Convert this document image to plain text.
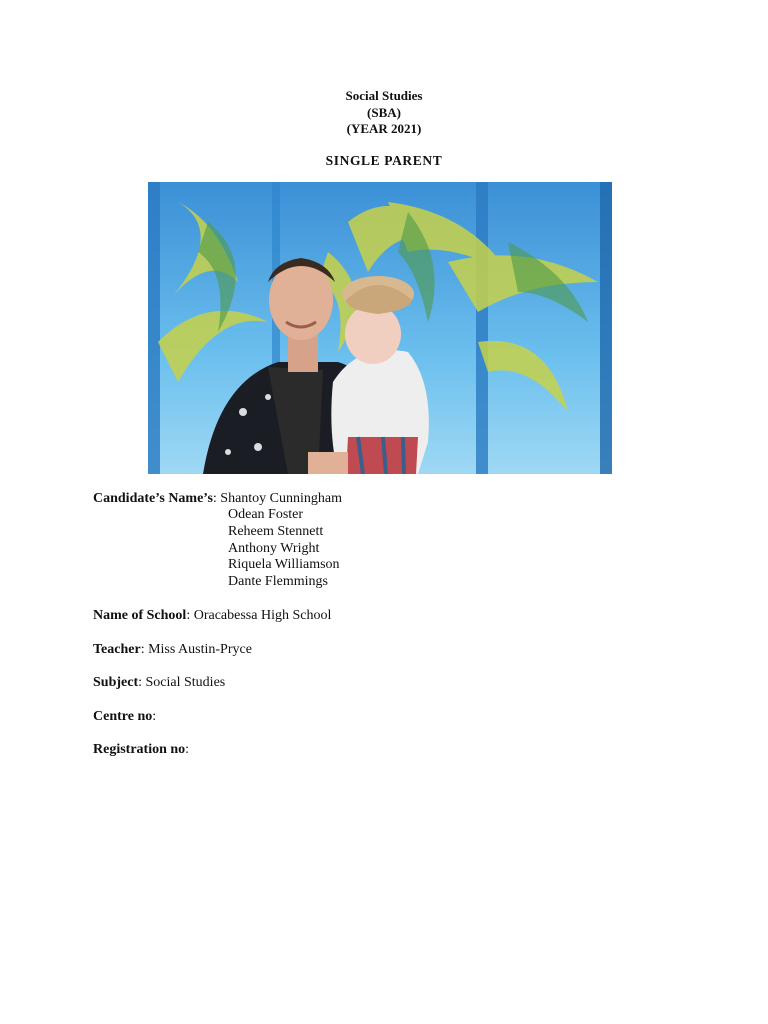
Social Studies
(SBA)
(YEAR 2021)
SINGLE PARENT
Candidate’s Name’s: Shantoy Cunningham
Odean Foster
Reheem Stennett
Anthony Wright
Riquela Williamson
Dante Flemmings
Name of School: Oracabessa High School
Teacher: Miss Austin-Pryce
Subject: Social Studies
Centre no:
Registration no:
